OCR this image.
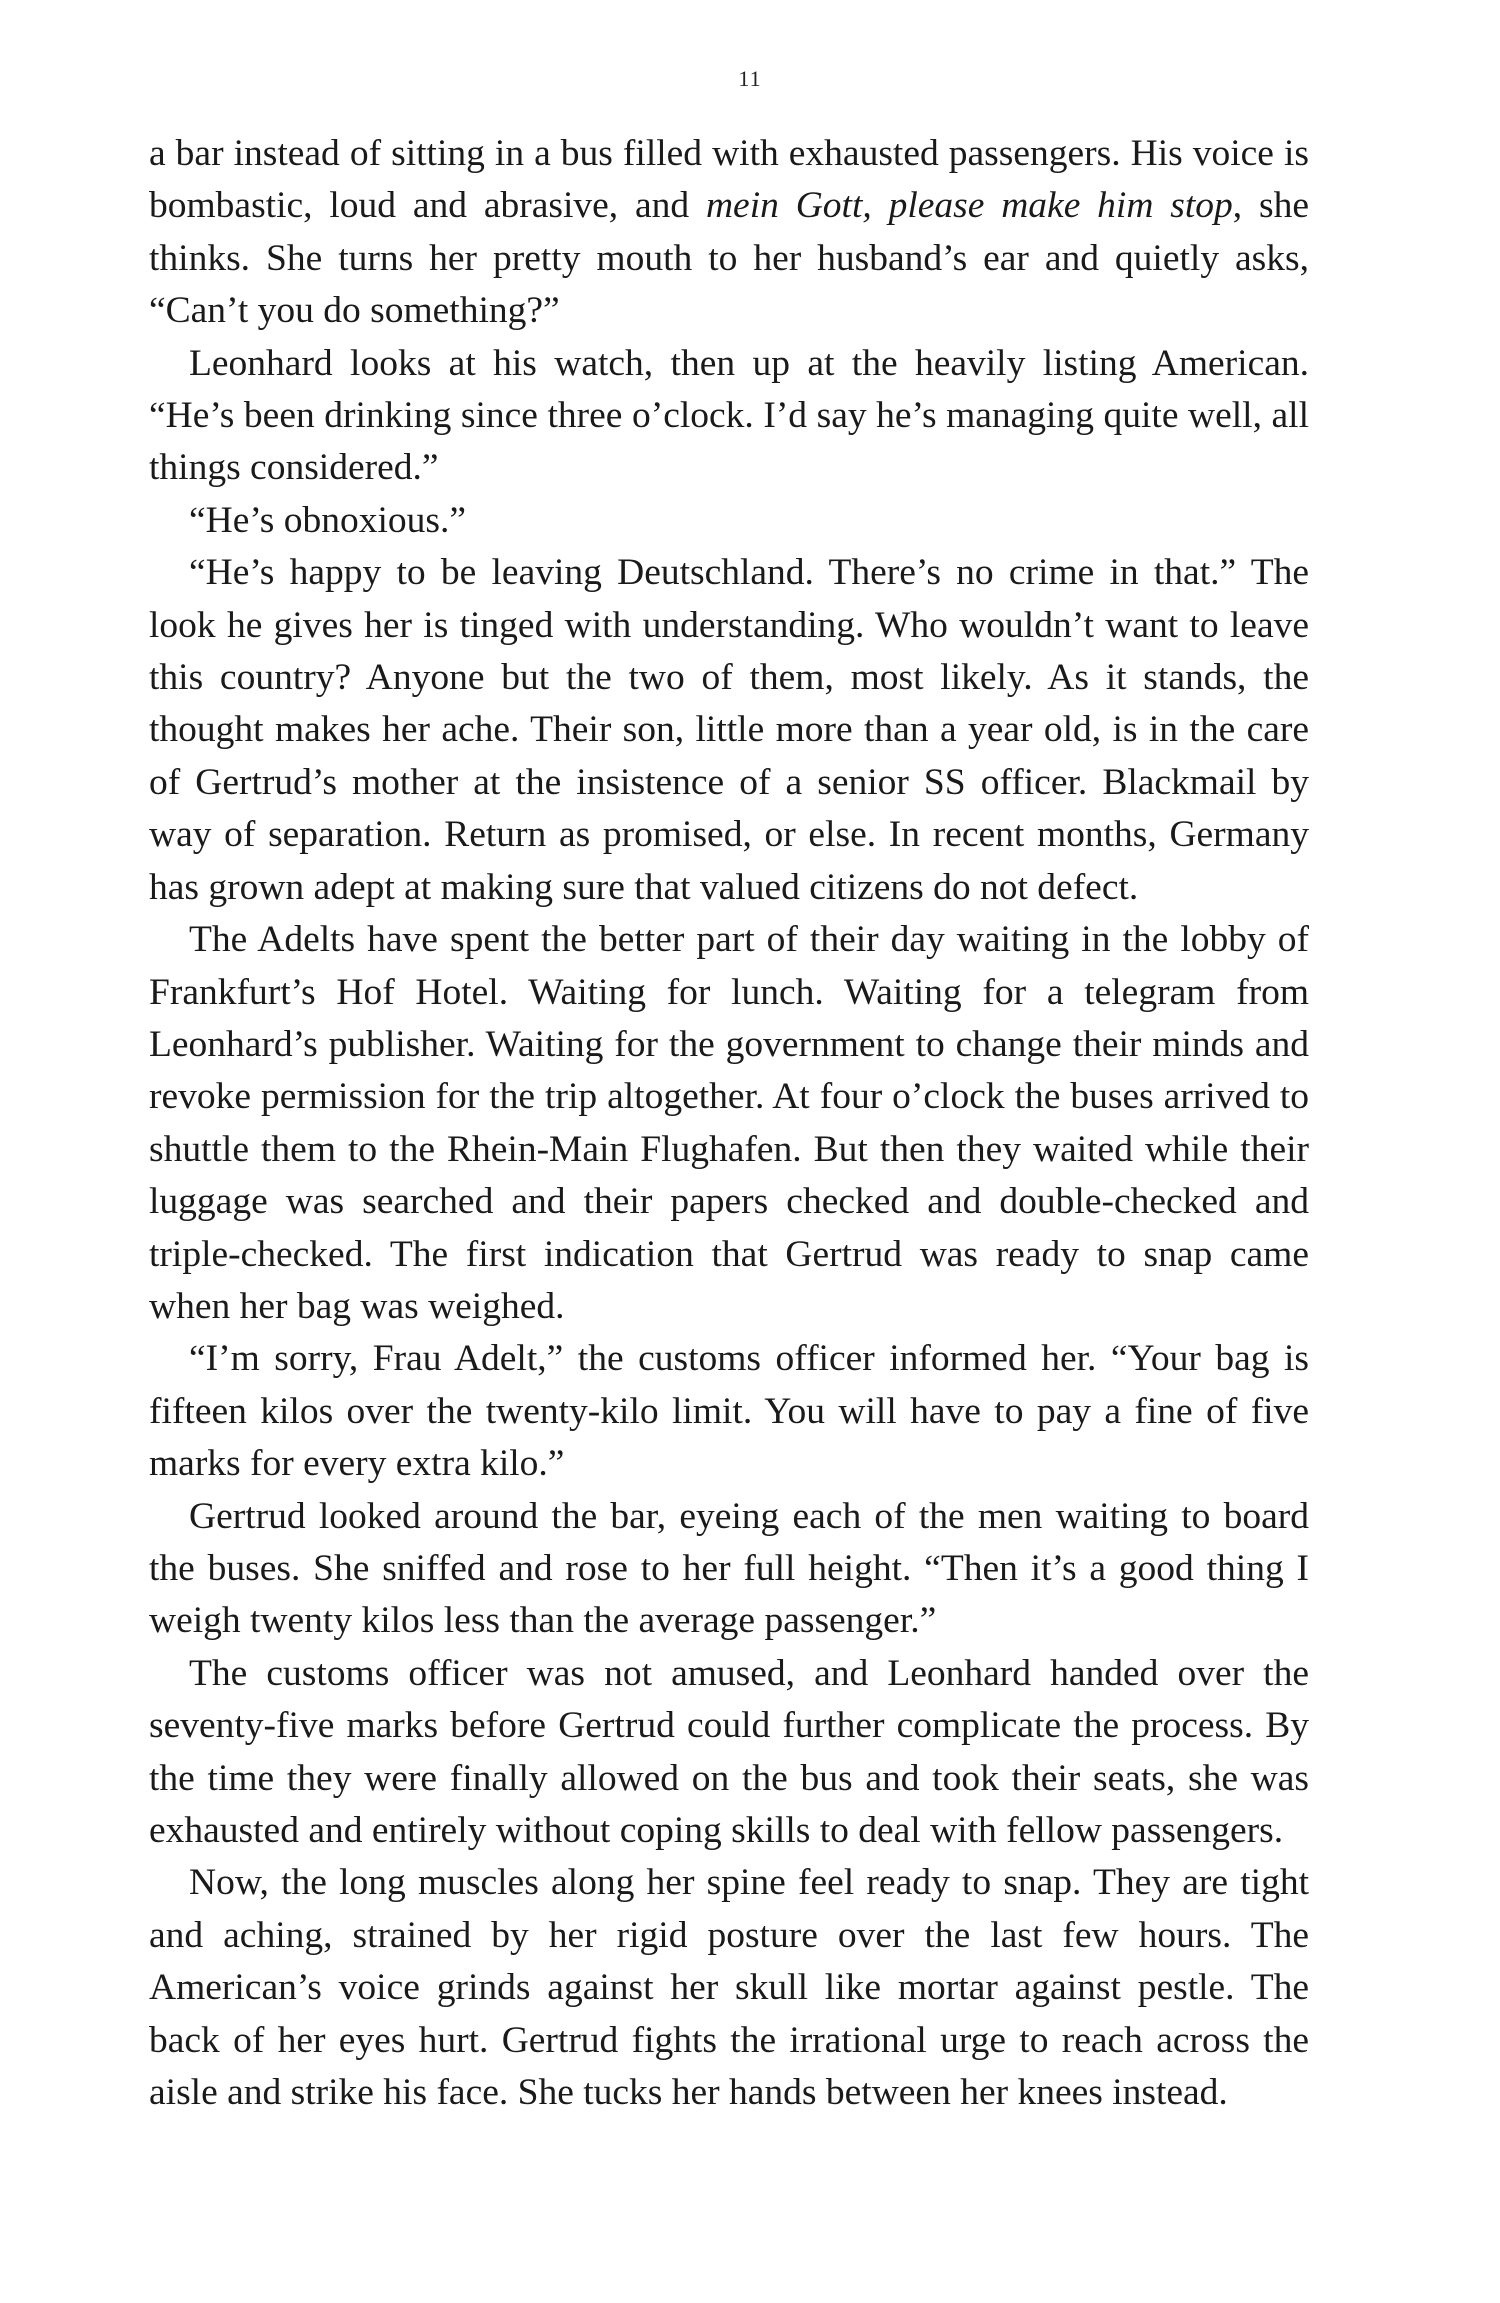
11

a bar instead of sitting in a bus filled with exhausted passengers. His voice is bombastic, loud and abrasive, and mein Gott, please make him stop, she thinks. She turns her pretty mouth to her husband’s ear and quietly asks, “Can’t you do something?”

Leonhard looks at his watch, then up at the heavily listing American. “He’s been drinking since three o’clock. I’d say he’s managing quite well, all things considered.”

“He’s obnoxious.”

“He’s happy to be leaving Deutschland. There’s no crime in that.” The look he gives her is tinged with understanding. Who wouldn’t want to leave this country? Anyone but the two of them, most likely. As it stands, the thought makes her ache. Their son, little more than a year old, is in the care of Gertrud’s mother at the insistence of a senior SS officer. Blackmail by way of separation. Return as promised, or else. In recent months, Germany has grown adept at making sure that valued citizens do not defect.

The Adelts have spent the better part of their day waiting in the lobby of Frankfurt’s Hof Hotel. Waiting for lunch. Waiting for a telegram from Leonhard’s publisher. Waiting for the government to change their minds and revoke permission for the trip altogether. At four o’clock the buses arrived to shuttle them to the Rhein-Main Flughafen. But then they waited while their luggage was searched and their papers checked and double-checked and triple-checked. The first indication that Gertrud was ready to snap came when her bag was weighed.

“I’m sorry, Frau Adelt,” the customs officer informed her. “Your bag is fifteen kilos over the twenty-kilo limit. You will have to pay a fine of five marks for every extra kilo.”

Gertrud looked around the bar, eyeing each of the men waiting to board the buses. She sniffed and rose to her full height. “Then it’s a good thing I weigh twenty kilos less than the average passenger.”

The customs officer was not amused, and Leonhard handed over the seventy-five marks before Gertrud could further complicate the process. By the time they were finally allowed on the bus and took their seats, she was exhausted and entirely without coping skills to deal with fellow passengers.

Now, the long muscles along her spine feel ready to snap. They are tight and aching, strained by her rigid posture over the last few hours. The American’s voice grinds against her skull like mortar against pestle. The back of her eyes hurt. Gertrud fights the irrational urge to reach across the aisle and strike his face. She tucks her hands between her knees instead.
